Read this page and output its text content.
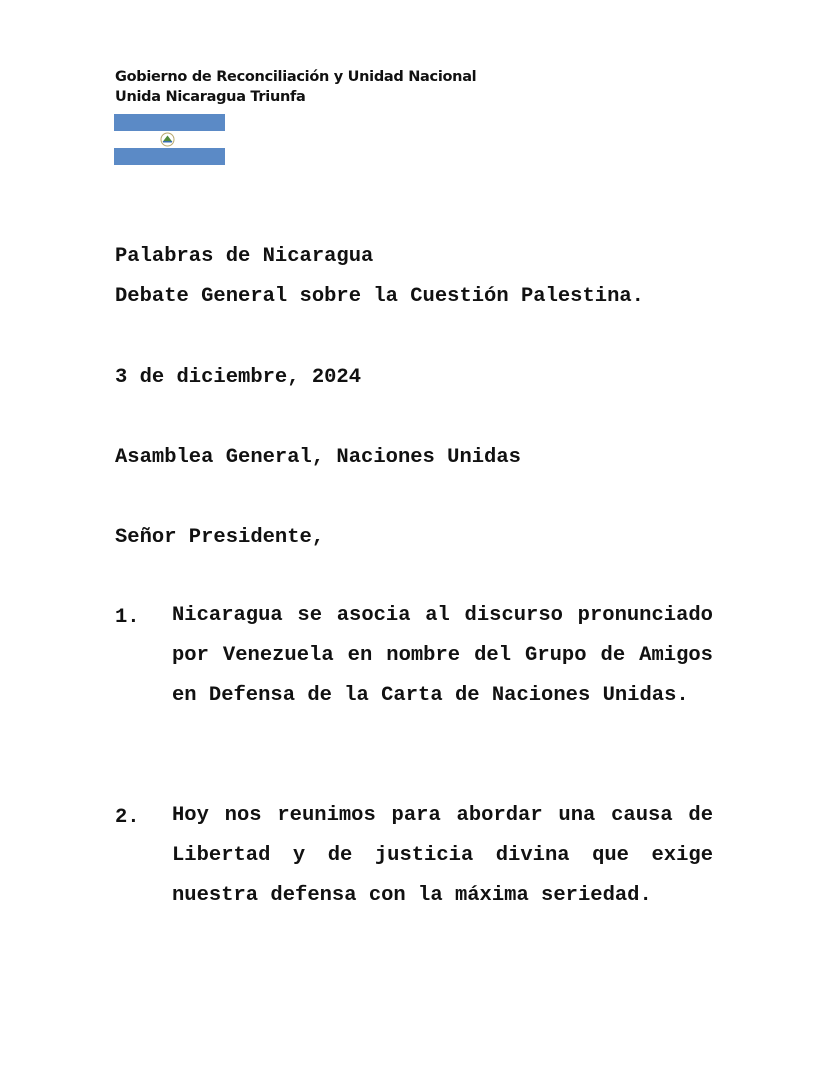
Gobierno de Reconciliación y Unidad Nacional
Unida Nicaragua Triunfa
Palabras de Nicaragua
Debate General sobre la Cuestión Palestina.
3 de diciembre, 2024
Asamblea General, Naciones Unidas
Señor Presidente,
1. Nicaragua se asocia al discurso pronunciado por Venezuela en nombre del Grupo de Amigos en Defensa de la Carta de Naciones Unidas.
2. Hoy nos reunimos para abordar una causa de Libertad y de justicia divina que exige nuestra defensa con la máxima seriedad.
